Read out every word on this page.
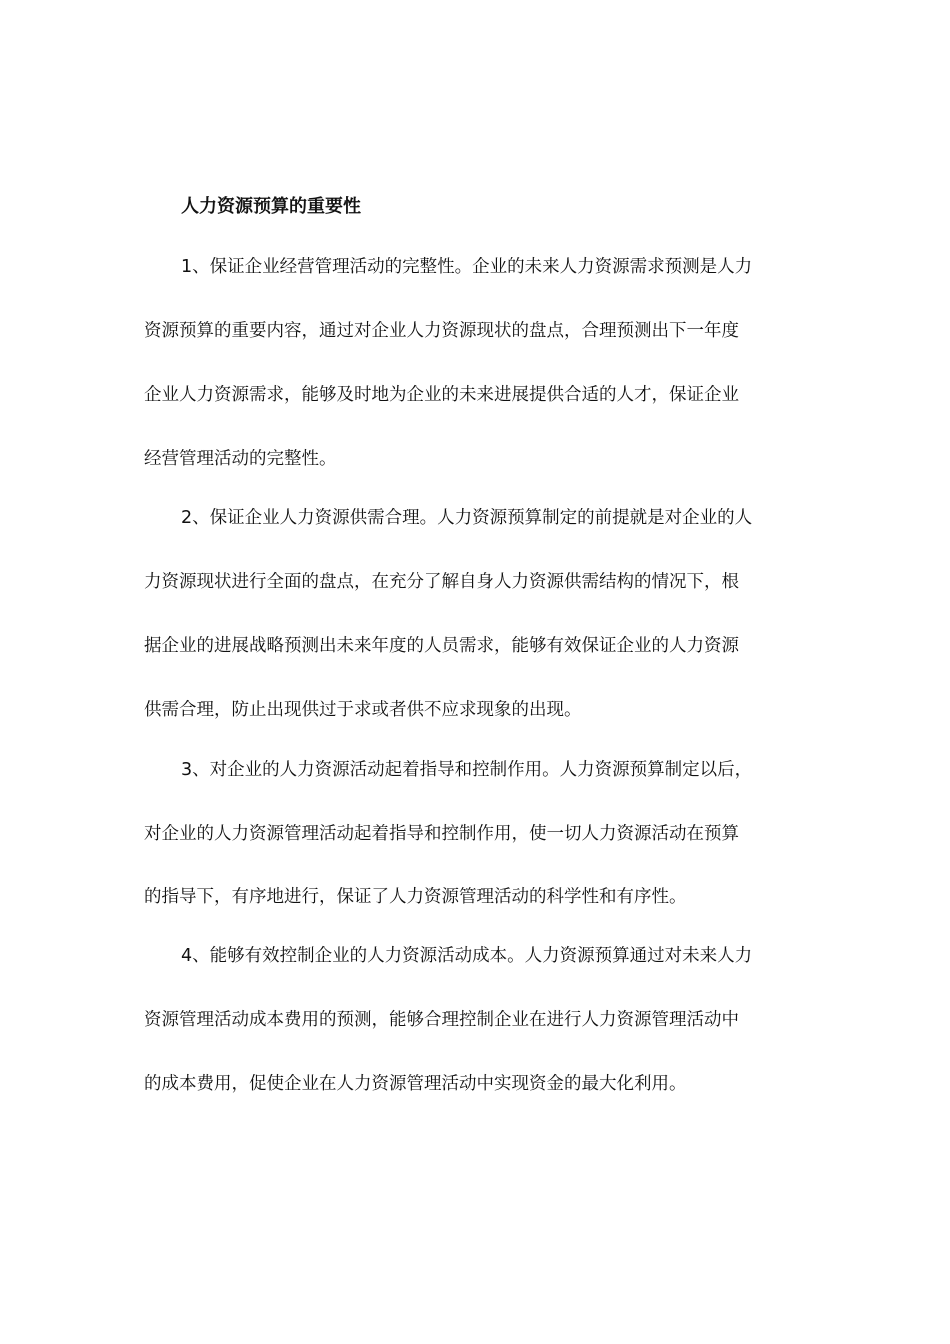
人力资源预算的重要性

1、保证企业经营管理活动的完整性。企业的未来人力资源需求预测是人力

资源预算的重要内容，通过对企业人力资源现状的盘点，合理预测出下一年度

企业人力资源需求，能够及时地为企业的未来进展提供合适的人才，保证企业

经营管理活动的完整性。

2、保证企业人力资源供需合理。人力资源预算制定的前提就是对企业的人

力资源现状进行全面的盘点，在充分了解自身人力资源供需结构的情况下，根

据企业的进展战略预测出未来年度的人员需求，能够有效保证企业的人力资源

供需合理，防止出现供过于求或者供不应求现象的出现。

3、对企业的人力资源活动起着指导和控制作用。人力资源预算制定以后，

对企业的人力资源管理活动起着指导和控制作用，使一切人力资源活动在预算

的指导下，有序地进行，保证了人力资源管理活动的科学性和有序性。

4、能够有效控制企业的人力资源活动成本。人力资源预算通过对未来人力

资源管理活动成本费用的预测，能够合理控制企业在进行人力资源管理活动中

的成本费用，促使企业在人力资源管理活动中实现资金的最大化利用。
